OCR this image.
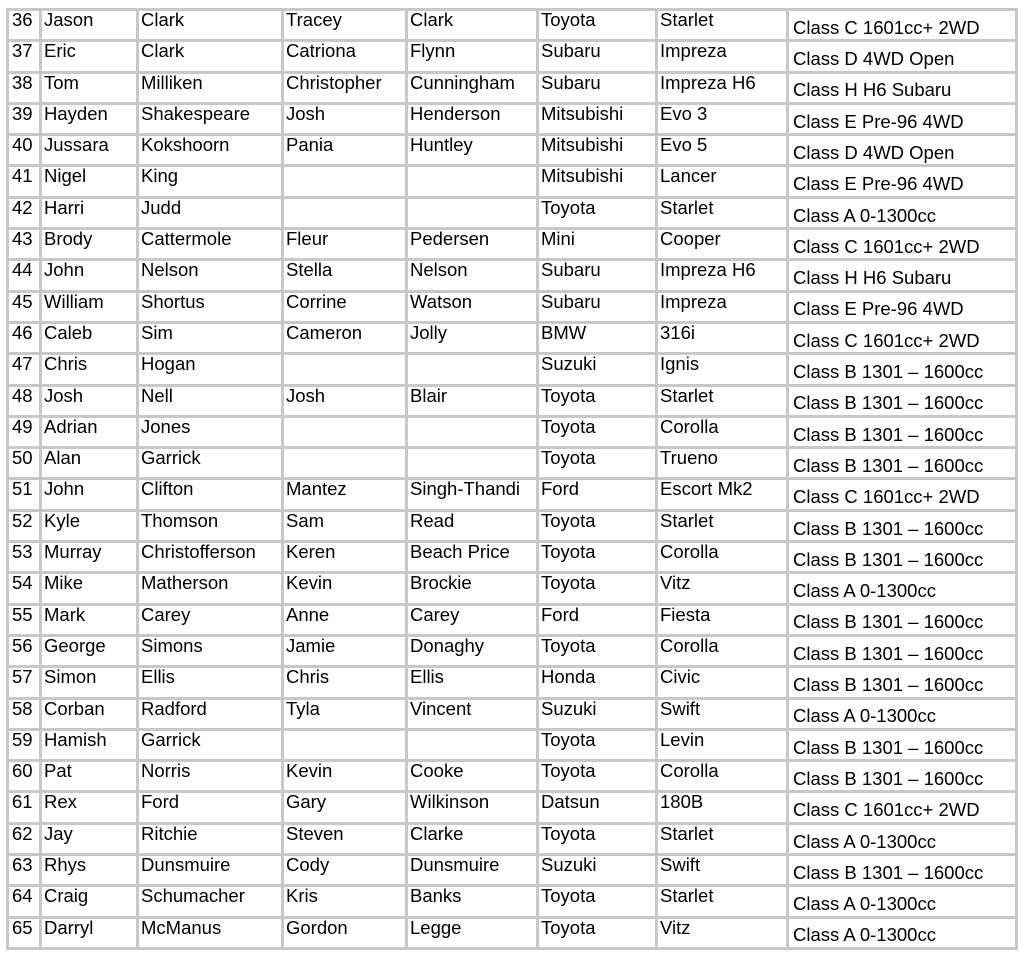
36	Jason	Clark	Tracey	Clark	Toyota	Starlet	Class C 1601cc+ 2WD
37	Eric	Clark	Catriona	Flynn	Subaru	Impreza	Class D 4WD Open
38	Tom	Milliken	Christopher	Cunningham	Subaru	Impreza H6	Class H H6 Subaru
39	Hayden	Shakespeare	Josh	Henderson	Mitsubishi	Evo 3	Class E Pre-96 4WD
40	Jussara	Kokshoorn	Pania	Huntley	Mitsubishi	Evo 5	Class D 4WD Open
41	Nigel	King			Mitsubishi	Lancer	Class E Pre-96 4WD
42	Harri	Judd			Toyota	Starlet	Class A 0-1300cc
43	Brody	Cattermole	Fleur	Pedersen	Mini	Cooper	Class C 1601cc+ 2WD
44	John	Nelson	Stella	Nelson	Subaru	Impreza H6	Class H H6 Subaru
45	William	Shortus	Corrine	Watson	Subaru	Impreza	Class E Pre-96 4WD
46	Caleb	Sim	Cameron	Jolly	BMW	316i	Class C 1601cc+ 2WD
47	Chris	Hogan			Suzuki	Ignis	Class B 1301 – 1600cc
48	Josh	Nell	Josh	Blair	Toyota	Starlet	Class B 1301 – 1600cc
49	Adrian	Jones			Toyota	Corolla	Class B 1301 – 1600cc
50	Alan	Garrick			Toyota	Trueno	Class B 1301 – 1600cc
51	John	Clifton	Mantez	Singh-Thandi	Ford	Escort Mk2	Class C 1601cc+ 2WD
52	Kyle	Thomson	Sam	Read	Toyota	Starlet	Class B 1301 – 1600cc
53	Murray	Christofferson	Keren	Beach Price	Toyota	Corolla	Class B 1301 – 1600cc
54	Mike	Matherson	Kevin	Brockie	Toyota	Vitz	Class A 0-1300cc
55	Mark	Carey	Anne	Carey	Ford	Fiesta	Class B 1301 – 1600cc
56	George	Simons	Jamie	Donaghy	Toyota	Corolla	Class B 1301 – 1600cc
57	Simon	Ellis	Chris	Ellis	Honda	Civic	Class B 1301 – 1600cc
58	Corban	Radford	Tyla	Vincent	Suzuki	Swift	Class A 0-1300cc
59	Hamish	Garrick			Toyota	Levin	Class B 1301 – 1600cc
60	Pat	Norris	Kevin	Cooke	Toyota	Corolla	Class B 1301 – 1600cc
61	Rex	Ford	Gary	Wilkinson	Datsun	180B	Class C 1601cc+ 2WD
62	Jay	Ritchie	Steven	Clarke	Toyota	Starlet	Class A 0-1300cc
63	Rhys	Dunsmuire	Cody	Dunsmuire	Suzuki	Swift	Class B 1301 – 1600cc
64	Craig	Schumacher	Kris	Banks	Toyota	Starlet	Class A 0-1300cc
65	Darryl	McManus	Gordon	Legge	Toyota	Vitz	Class A 0-1300cc
